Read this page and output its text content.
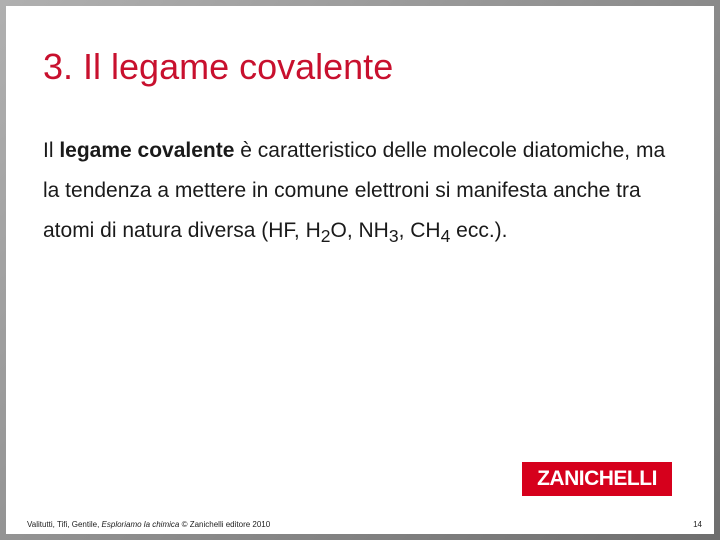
3. Il legame covalente

Il legame covalente è caratteristico delle molecole diatomiche, ma la tendenza a mettere in comune elettroni si manifesta anche tra atomi di natura diversa (HF, $H_2O$, $NH_3$, $CH_4$ ecc.).

ZANICHELLI
Valitutti, Tifi, Gentile, Esploriamo la chimica © Zanichelli editore 2010	14
